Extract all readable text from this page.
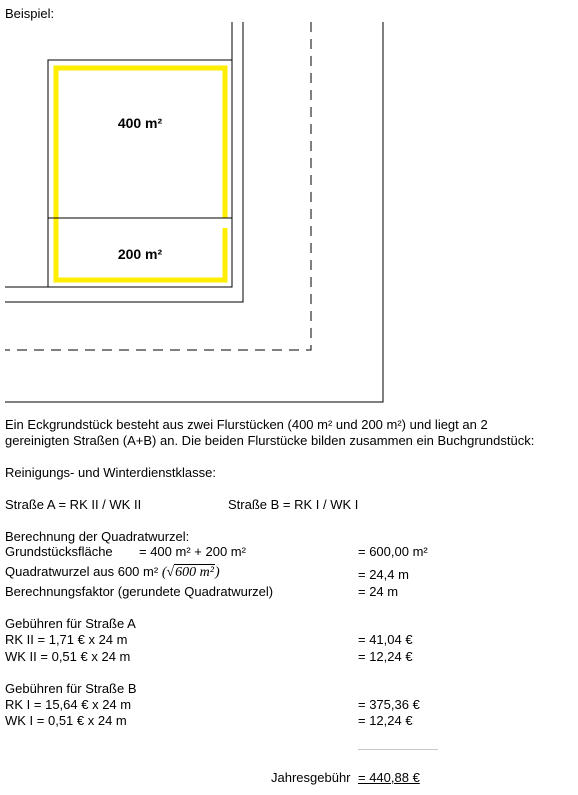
Beispiel:
400 m²
200 m²
Ein Eckgrundstück besteht aus zwei Flurstücken (400 m² und 200 m²) und liegt an 2
gereinigten Straßen (A+B) an. Die beiden Flurstücke bilden zusammen ein Buchgrundstück:
Reinigungs- und Winterdienstklasse:
Straße A = RK II / WK II	Straße B = RK I / WK I
Berechnung der Quadratwurzel:
Grundstücksfläche = 400 m² + 200 m²	= 600,00 m²
Quadratwurzel aus 600 m² (√600 m²)	= 24,4 m
Berechnungsfaktor (gerundete Quadratwurzel)	= 24 m
Gebühren für Straße A
RK II = 1,71 € x 24 m	= 41,04 €
WK II = 0,51 € x 24 m	= 12,24 €
Gebühren für Straße B
RK I = 15,64 € x 24 m	= 375,36 €
WK I = 0,51 € x 24 m	= 12,24 €
Jahresgebühr = 440,88 €
